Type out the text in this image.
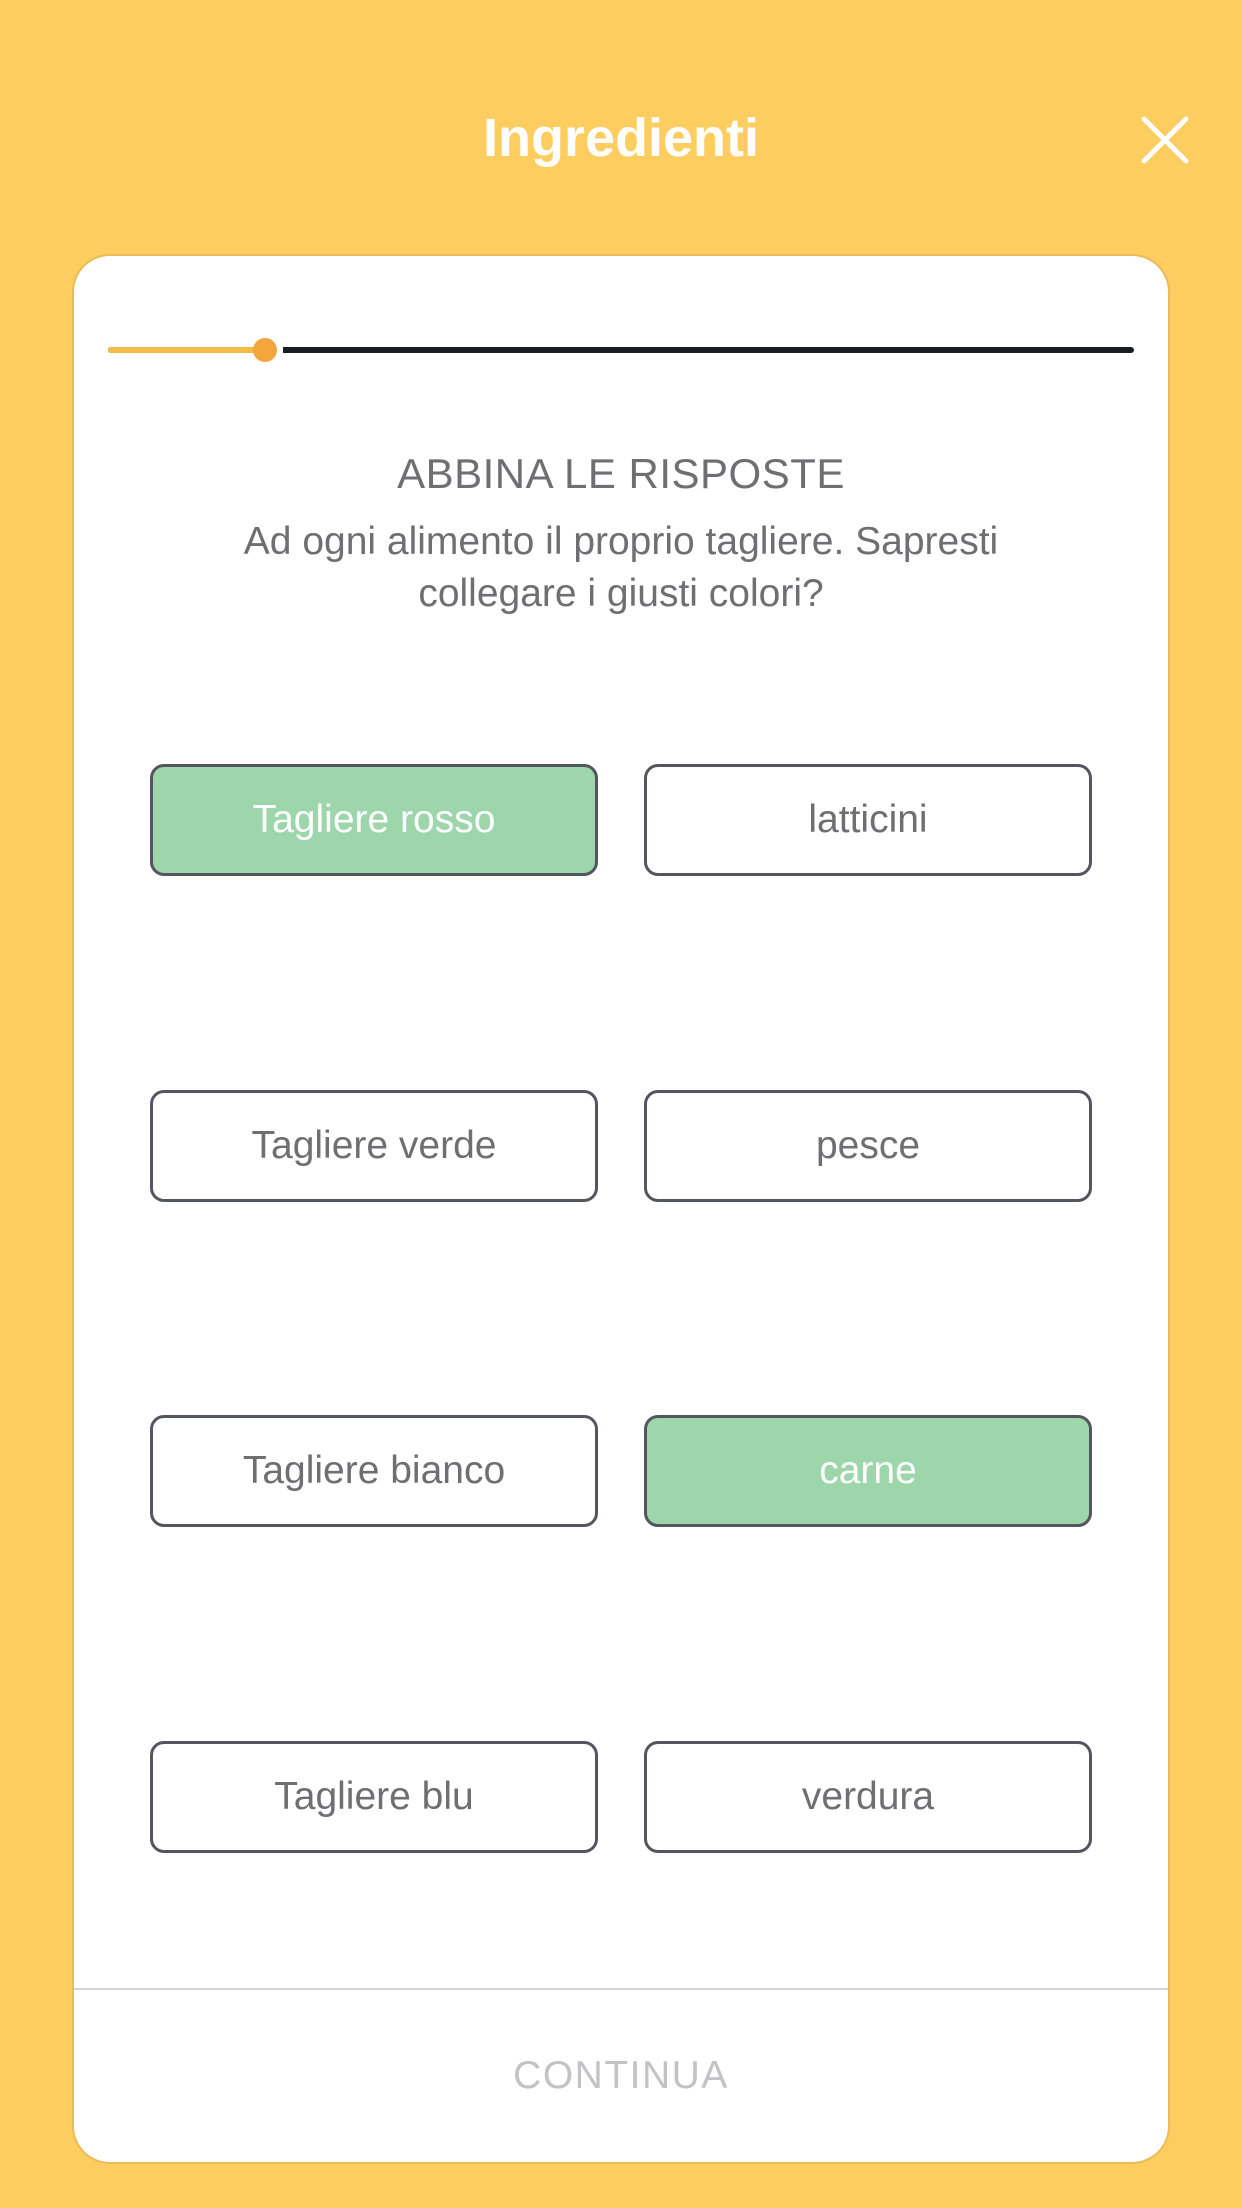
Ingredienti
ABBINA LE RISPOSTE
Ad ogni alimento il proprio tagliere. Sapresti collegare i giusti colori?
Tagliere rosso	latticini
Tagliere verde	pesce
Tagliere bianco	carne
Tagliere blu	verdura
CONTINUA
